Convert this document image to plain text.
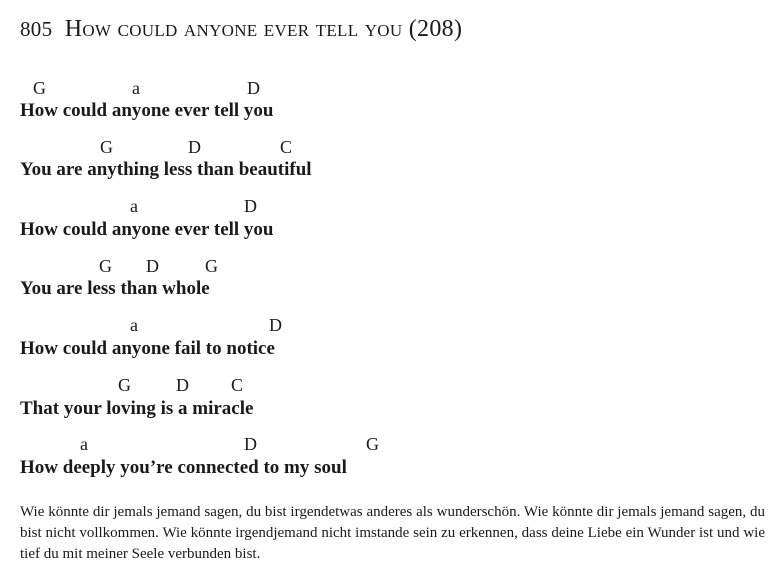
805 How could anyone ever tell you (208)
G	a	D
How could anyone ever tell you
G	D	C
You are anything less than beautiful
a	D
How could anyone ever tell you
G D	G
You are less than whole
a	D
How could anyone fail to notice
G	D C
That your loving is a miracle
a	D	G
How deeply you’re connected to my soul

Wie könnte dir jemals jemand sagen, du bist irgendetwas anderes als wunderschön. Wie könnte dir jemals jemand sagen, du bist nicht vollkommen. Wie könnte irgendjemand nicht imstande sein zu erkennen, dass deine Liebe ein Wunder ist und wie tief du mit meiner Seele verbunden bist.
